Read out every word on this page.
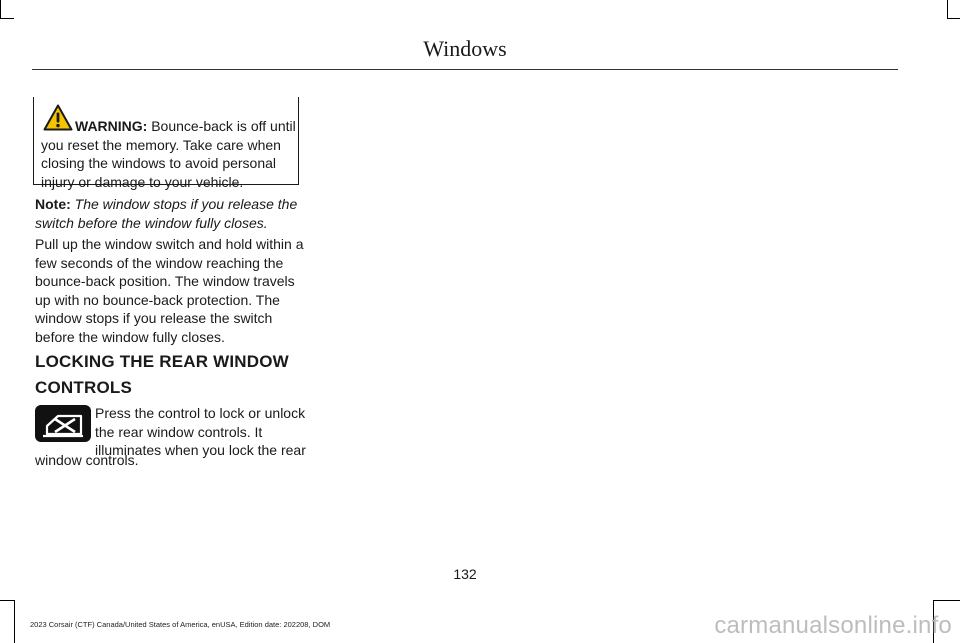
Windows

WARNING: Bounce-back is off until you reset the memory. Take care when closing the windows to avoid personal injury or damage to your vehicle.

Note: The window stops if you release the switch before the window fully closes.

Pull up the window switch and hold within a few seconds of the window reaching the bounce-back position. The window travels up with no bounce-back protection. The window stops if you release the switch before the window fully closes.

LOCKING THE REAR WINDOW CONTROLS

Press the control to lock or unlock the rear window controls. It illuminates when you lock the rear

window controls.

132
2023 Corsair (CTF) Canada/United States of America, enUSA, Edition date: 202208, DOM	carmanualsonline.info
